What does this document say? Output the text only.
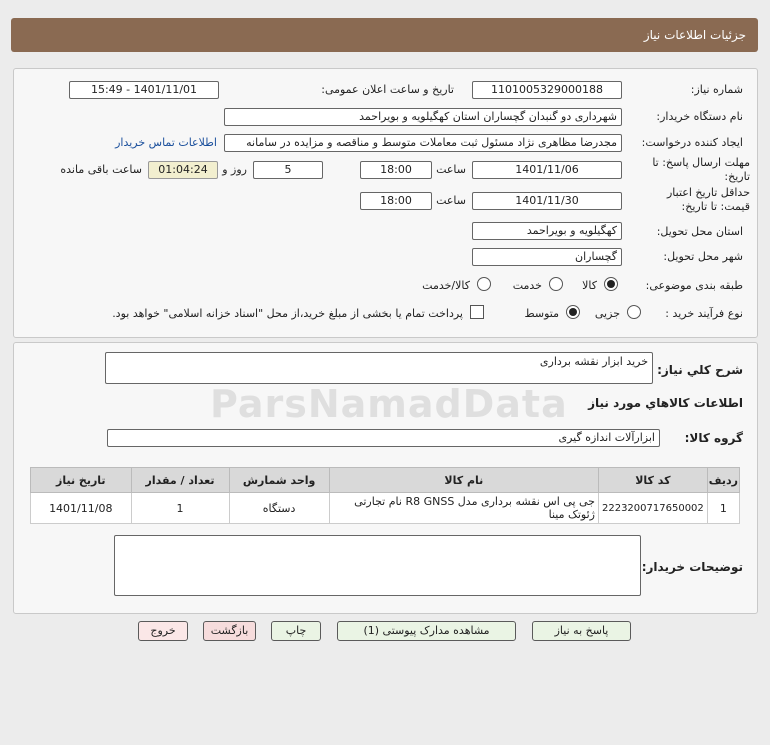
جزئیات اطلاعات نیاز
شماره نیاز:
1101005329000188
تاریخ و ساعت اعلان عمومی:
1401/11/01 - 15:49
نام دستگاه خریدار:
شهرداری دو گنبدان گچساران استان کهگیلویه و بویراحمد
ایجاد کننده درخواست:
مجدرضا مظاهری نژاد مسئول ثبت معاملات متوسط و مناقصه و مزایده در سامانه
اطلاعات تماس خریدار
مهلت ارسال پاسخ: تا تاریخ:
1401/11/06
ساعت
18:00
5
روز و
01:04:24
ساعت باقی مانده
حداقل تاریخ اعتبار قیمت: تا تاریخ:
1401/11/30
ساعت
18:00
استان محل تحویل:
کهگیلویه و بویراحمد
شهر محل تحویل:
گچساران
طبقه بندی موضوعی:
کالا
خدمت
کالا/خدمت
نوع فرآیند خرید :
جزیی
متوسط
پرداخت تمام یا بخشی از مبلغ خرید،از محل "اسناد خزانه اسلامی" خواهد بود.
شرح کلي نياز:
خرید ابزار نقشه برداری
ParsNamadData اطلاعات کالاهاي مورد نياز
گروه کالا:
ابزارآلات اندازه گیری
ردیف	کد کالا	نام کالا	واحد شمارش	تعداد / مقدار	تاریخ نیاز
1	2223200717650002	جی پی اس نقشه برداری مدل R8 GNSS نام تجارتی ژئوتک مینا	دستگاه	1	1401/11/08
توضیحات خریدار:
پاسخ به نیاز
مشاهده مدارک پیوستی (1)
چاپ
بازگشت
خروج
